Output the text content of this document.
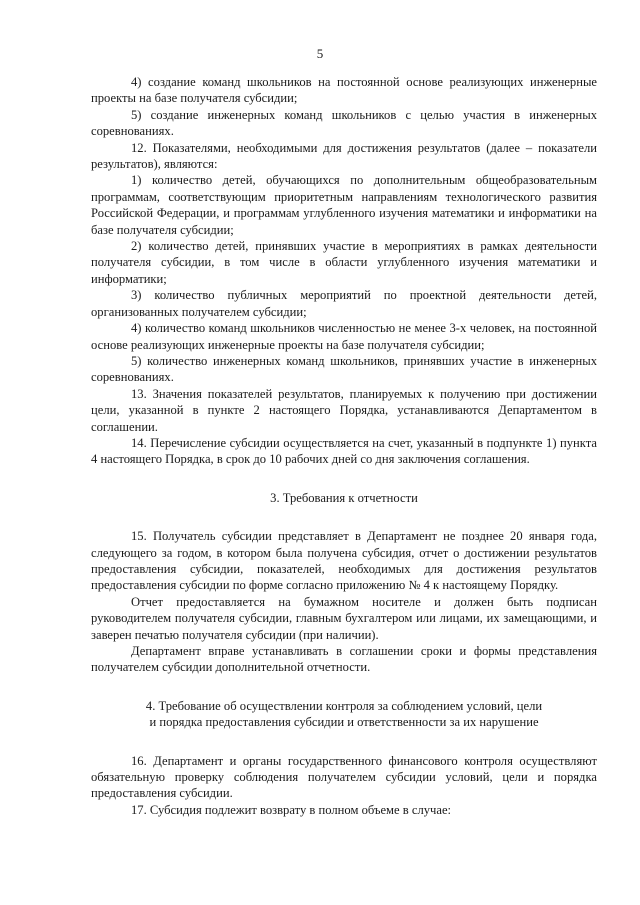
5

4) создание команд школьников на постоянной основе реализующих инженерные проекты на базе получателя субсидии;

5) создание инженерных команд школьников с целью участия в инженерных соревнованиях.

12. Показателями, необходимыми для достижения результатов (далее – показатели результатов), являются:

1) количество детей, обучающихся по дополнительным общеобразовательным программам, соответствующим приоритетным направлениям технологического развития Российской Федерации, и программам углубленного изучения математики и информатики на базе получателя субсидии;

2) количество детей, принявших участие в мероприятиях в рамках деятельности получателя субсидии, в том числе в области углубленного изучения математики и информатики;

3) количество публичных мероприятий по проектной деятельности детей, организованных получателем субсидии;

4) количество команд школьников численностью не менее 3-х человек, на постоянной основе реализующих инженерные проекты на базе получателя субсидии;

5) количество инженерных команд школьников, принявших участие в инженерных соревнованиях.

13. Значения показателей результатов, планируемых к получению при достижении цели, указанной в пункте 2 настоящего Порядка, устанавливаются Департаментом в соглашении.

14. Перечисление субсидии осуществляется на счет, указанный в подпункте 1) пункта 4 настоящего Порядка, в срок до 10 рабочих дней со дня заключения соглашения.

3. Требования к отчетности

15. Получатель субсидии представляет в Департамент не позднее 20 января года, следующего за годом, в котором была получена субсидия, отчет о достижении результатов предоставления субсидии, показателей, необходимых для достижения результатов предоставления субсидии по форме согласно приложению № 4 к настоящему Порядку.

Отчет предоставляется на бумажном носителе и должен быть подписан руководителем получателя субсидии, главным бухгалтером или лицами, их замещающими, и заверен печатью получателя субсидии (при наличии).

Департамент вправе устанавливать в соглашении сроки и формы представления получателем субсидии дополнительной отчетности.

4. Требование об осуществлении контроля за соблюдением условий, цели

и порядка предоставления субсидии и ответственности за их нарушение

16. Департамент и органы государственного финансового контроля осуществляют обязательную проверку соблюдения получателем субсидии условий, цели и порядка предоставления субсидии.

17. Субсидия подлежит возврату в полном объеме в случае:
